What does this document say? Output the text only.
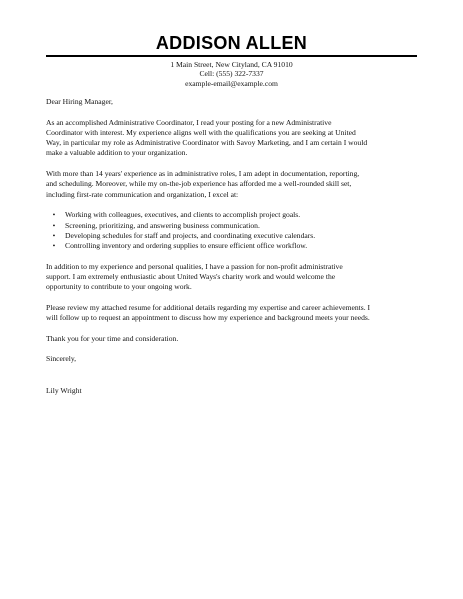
ADDISON ALLEN
1 Main Street, New Cityland, CA 91010
Cell: (555) 322-7337
example-email@example.com

Dear Hiring Manager,

As an accomplished Administrative Coordinator, I read your posting for a new Administrative
Coordinator with interest. My experience aligns well with the qualifications you are seeking at United
Way, in particular my role as Administrative Coordinator with Savoy Marketing, and I am certain I would
make a valuable addition to your organization.

With more than 14 years' experience as in administrative roles, I am adept in documentation, reporting,
and scheduling. Moreover, while my on-the-job experience has afforded me a well-rounded skill set,
including first-rate communication and organization, I excel at:

•	Working with colleagues, executives, and clients to accomplish project goals.
•	Screening, prioritizing, and answering business communication.
•	Developing schedules for staff and projects, and coordinating executive calendars.
•	Controlling inventory and ordering supplies to ensure efficient office workflow.

In addition to my experience and personal qualities, I have a passion for non-profit administrative
support. I am extremely enthusiastic about United Ways's charity work and would welcome the
opportunity to contribute to your ongoing work.

Please review my attached resume for additional details regarding my expertise and career achievements. I
will follow up to request an appointment to discuss how my experience and background meets your needs.

Thank you for your time and consideration.

Sincerely,

Lily Wright
